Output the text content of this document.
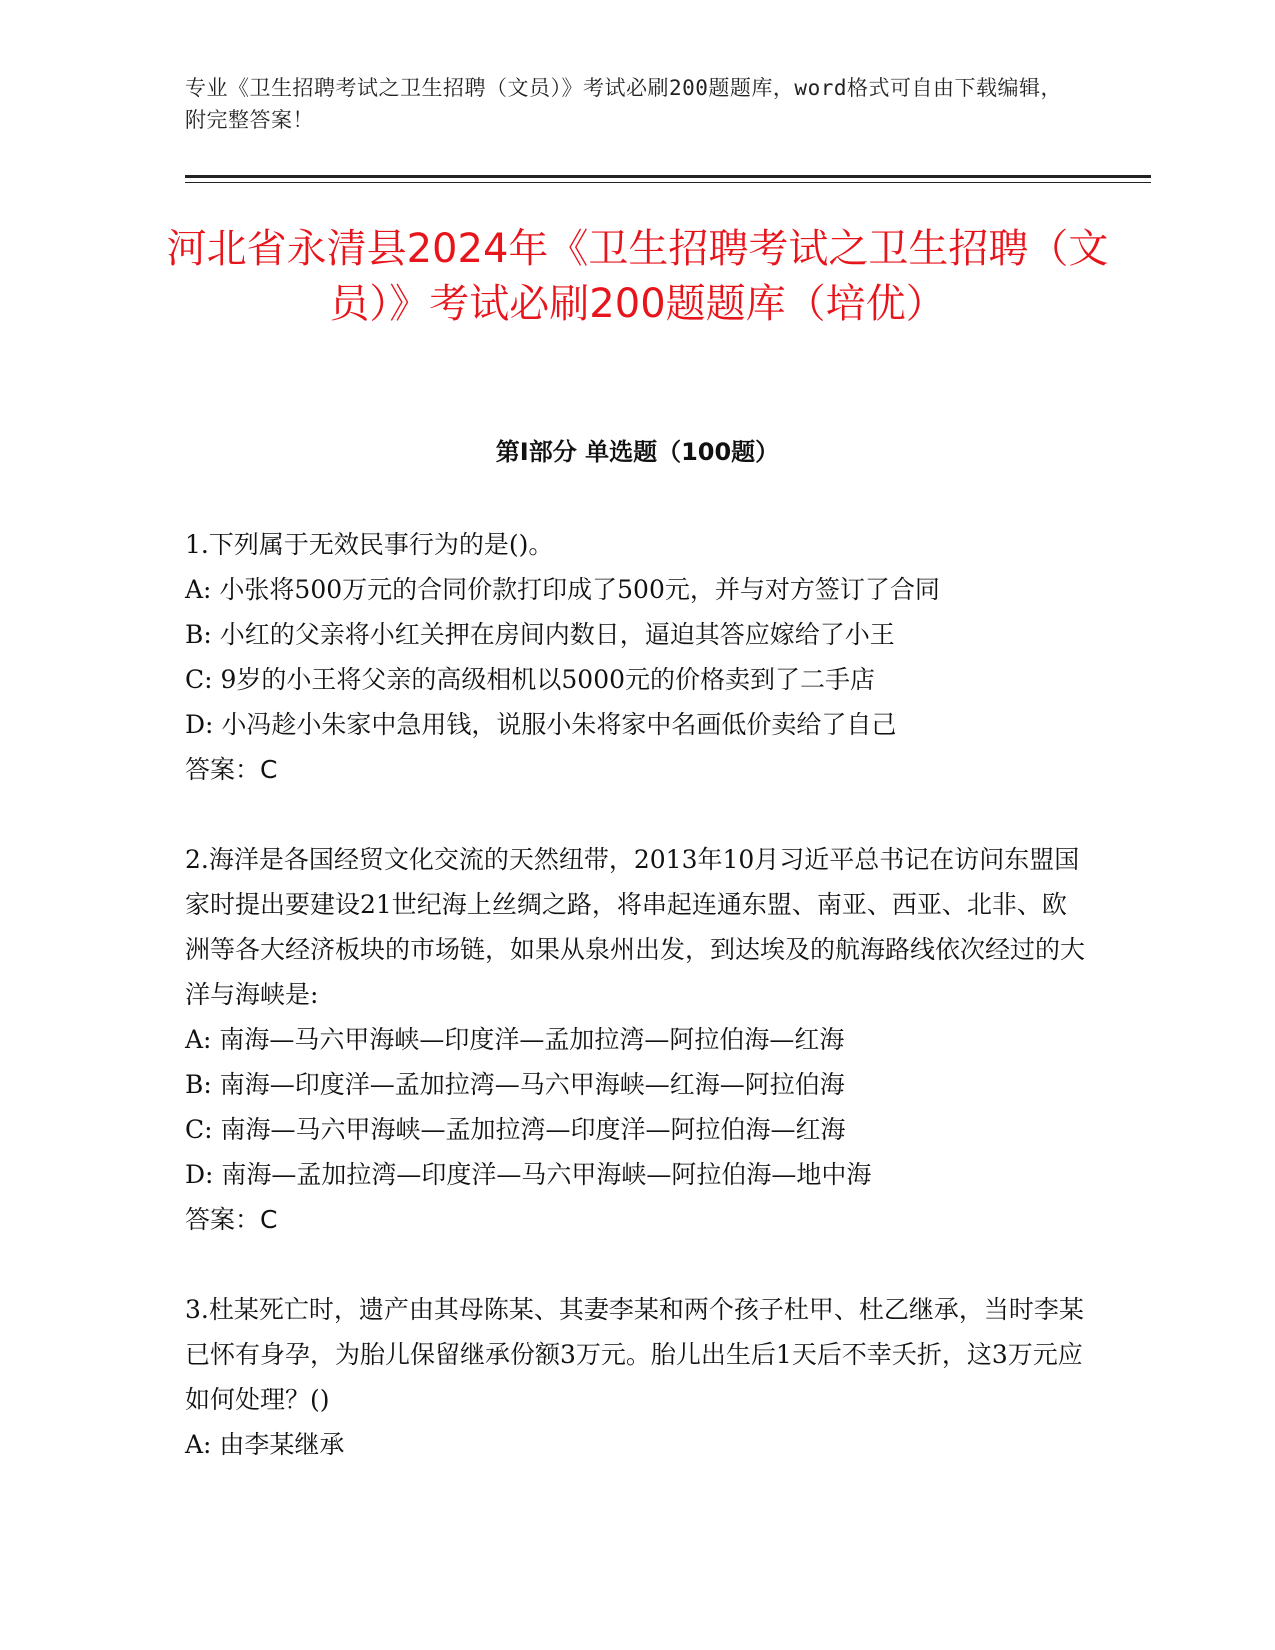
专业《卫生招聘考试之卫生招聘（文员）》考试必刷200题题库，word格式可自由下载编辑，附完整答案！
河北省永清县2024年《卫生招聘考试之卫生招聘（文员）》考试必刷200题题库（培优）
第I部分 单选题（100题）

1.下列属于无效民事行为的是()。

A: 小张将500万元的合同价款打印成了500元，并与对方签订了合同

B: 小红的父亲将小红关押在房间内数日，逼迫其答应嫁给了小王

C: 9岁的小王将父亲的高级相机以5000元的价格卖到了二手店

D: 小冯趁小朱家中急用钱，说服小朱将家中名画低价卖给了自己

答案：C

2.海洋是各国经贸文化交流的天然纽带，2013年10月习近平总书记在访问东盟国家时提出要建设21世纪海上丝绸之路，将串起连通东盟、南亚、西亚、北非、欧洲等各大经济板块的市场链，如果从泉州出发，到达埃及的航海路线依次经过的大洋与海峡是:

A: 南海—马六甲海峡—印度洋—孟加拉湾—阿拉伯海—红海

B: 南海—印度洋—孟加拉湾—马六甲海峡—红海—阿拉伯海

C: 南海—马六甲海峡—孟加拉湾—印度洋—阿拉伯海—红海

D: 南海—孟加拉湾—印度洋—马六甲海峡—阿拉伯海—地中海

答案：C

3.杜某死亡时，遗产由其母陈某、其妻李某和两个孩子杜甲、杜乙继承，当时李某已怀有身孕，为胎儿保留继承份额3万元。胎儿出生后1天后不幸夭折，这3万元应如何处理？()

A: 由李某继承
